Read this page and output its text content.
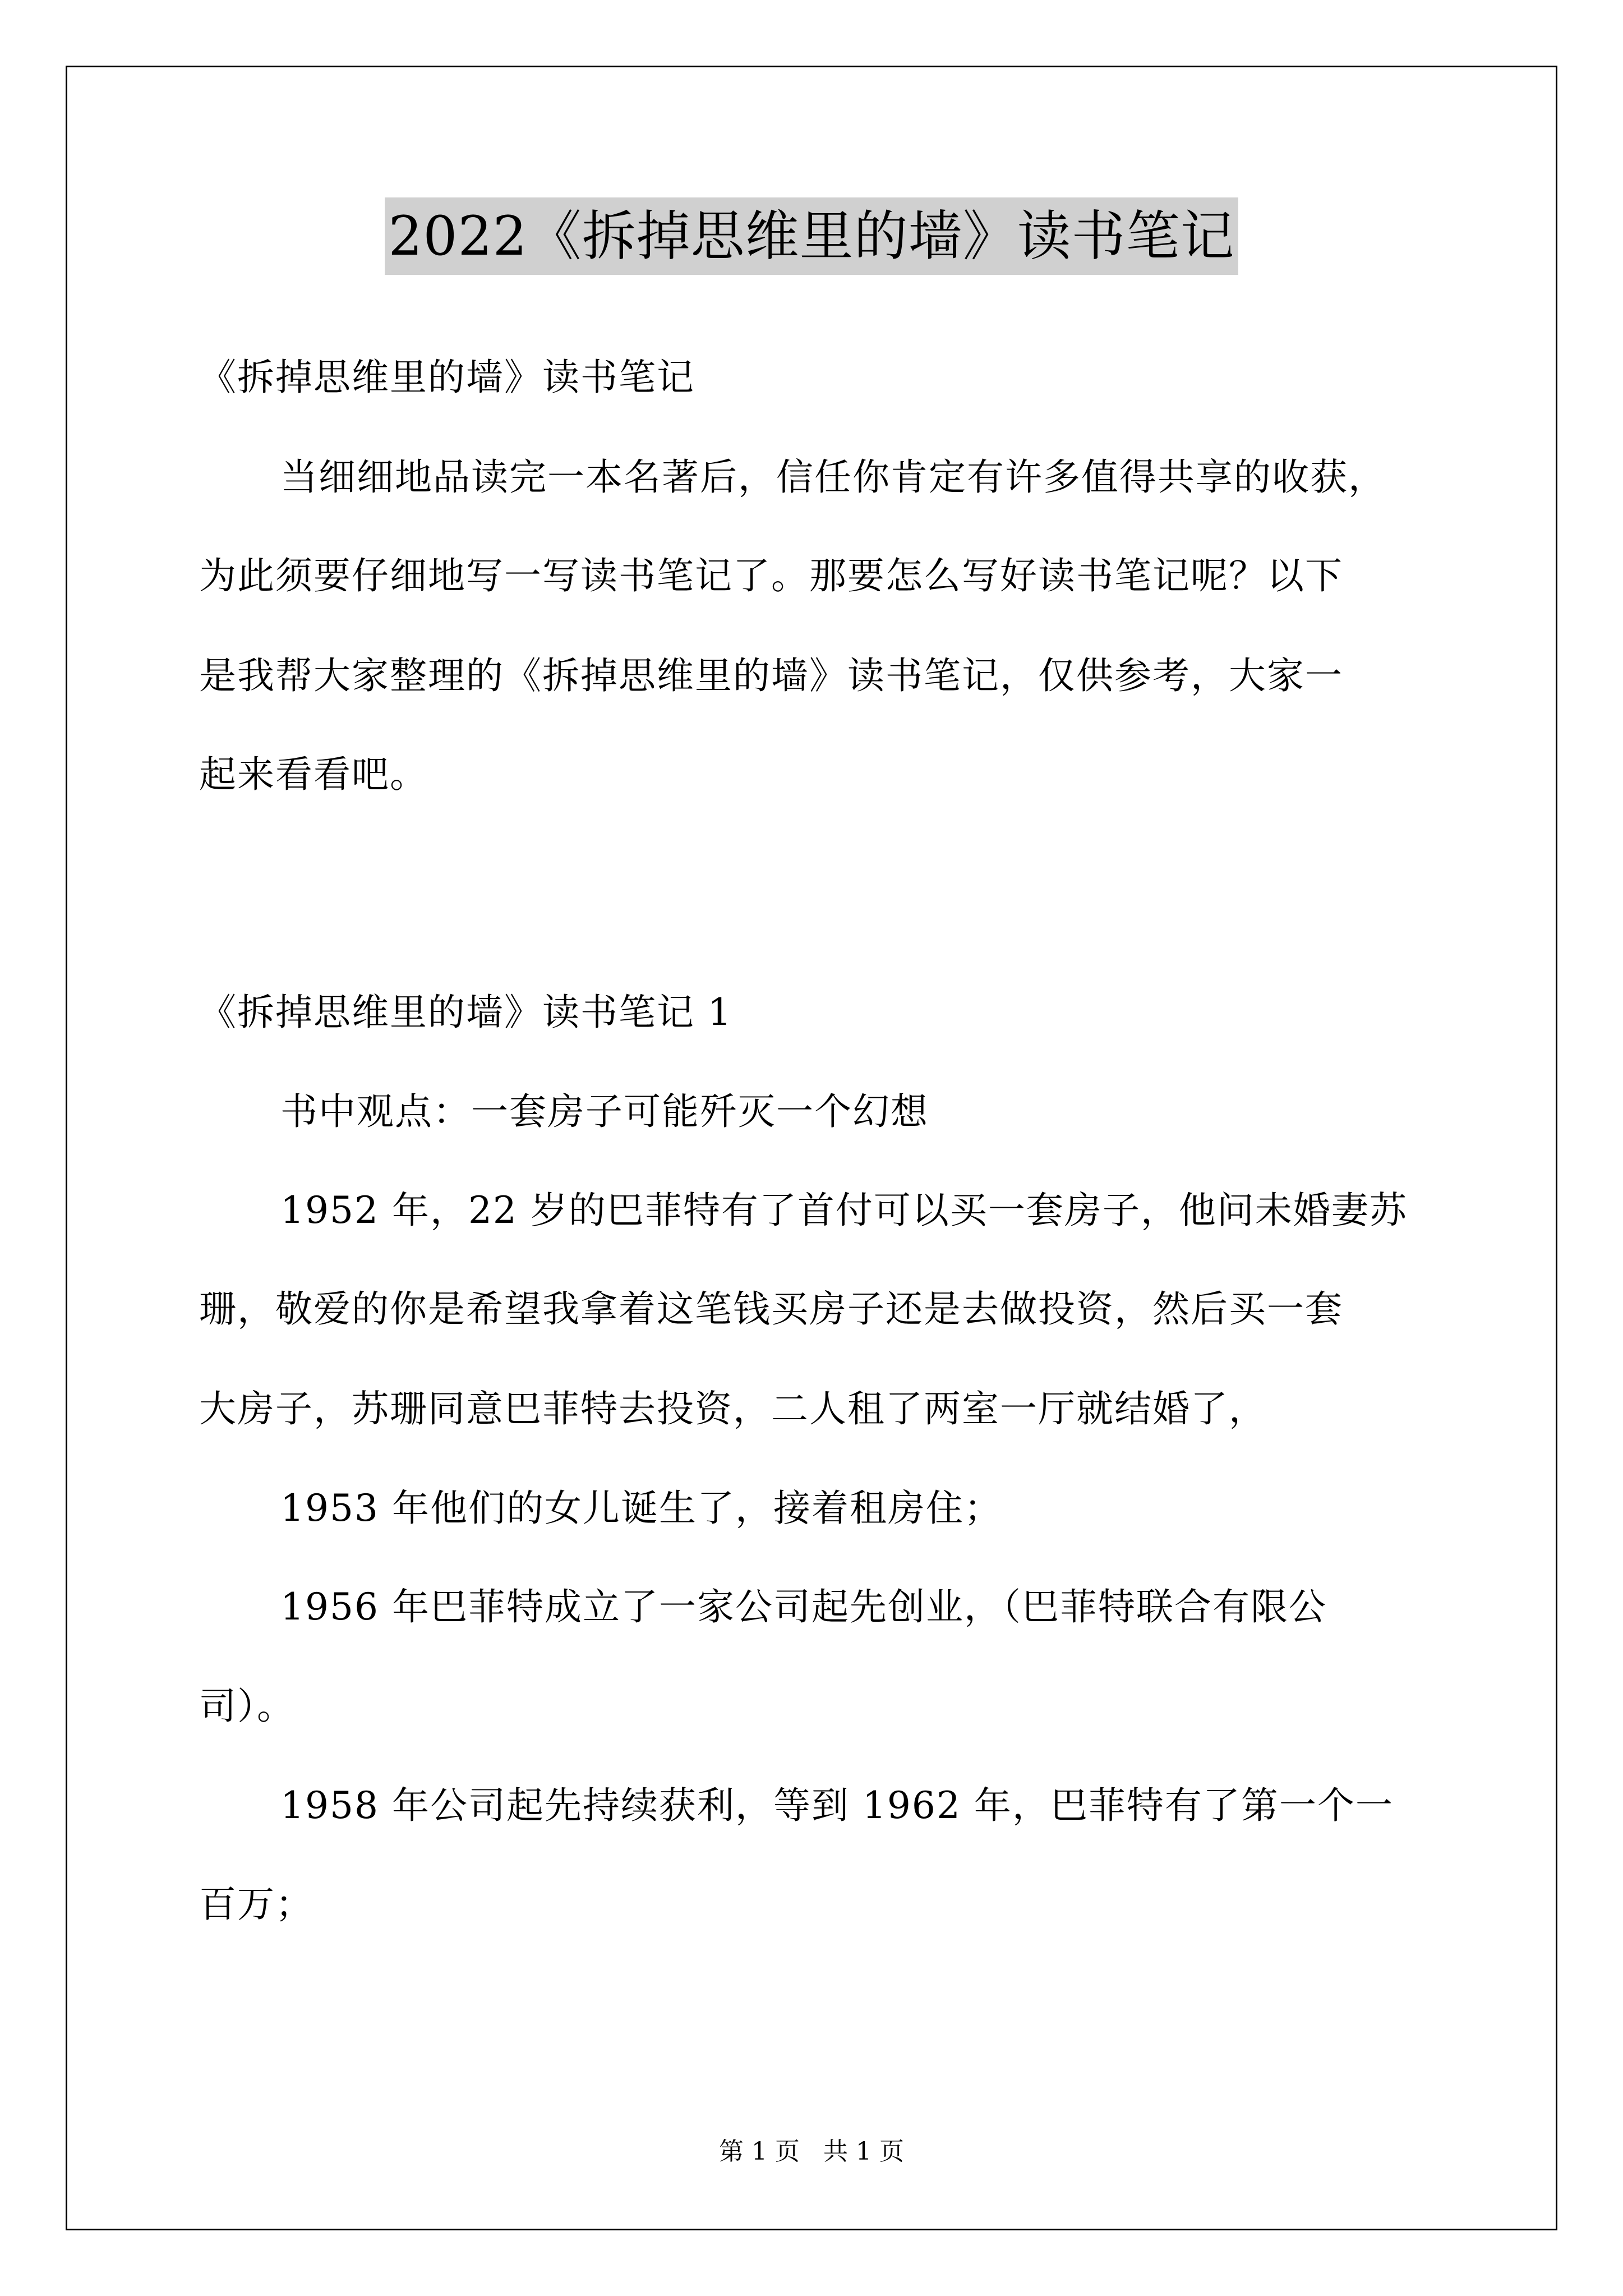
2022《拆掉思维里的墙》读书笔记
《拆掉思维里的墙》读书笔记
当细细地品读完一本名著后，信任你肯定有许多值得共享的收获，
为此须要仔细地写一写读书笔记了。那要怎么写好读书笔记呢？以下
是我帮大家整理的《拆掉思维里的墙》读书笔记，仅供参考，大家一
起来看看吧。
《拆掉思维里的墙》读书笔记 1
书中观点：一套房子可能歼灭一个幻想
1952 年，22 岁的巴菲特有了首付可以买一套房子，他问未婚妻苏
珊，敬爱的你是希望我拿着这笔钱买房子还是去做投资，然后买一套
大房子，苏珊同意巴菲特去投资，二人租了两室一厅就结婚了，
1953 年他们的女儿诞生了，接着租房住；
1956 年巴菲特成立了一家公司起先创业，（巴菲特联合有限公
司）。
1958 年公司起先持续获利，等到 1962 年，巴菲特有了第一个一
百万；
第 1 页 共 1 页
